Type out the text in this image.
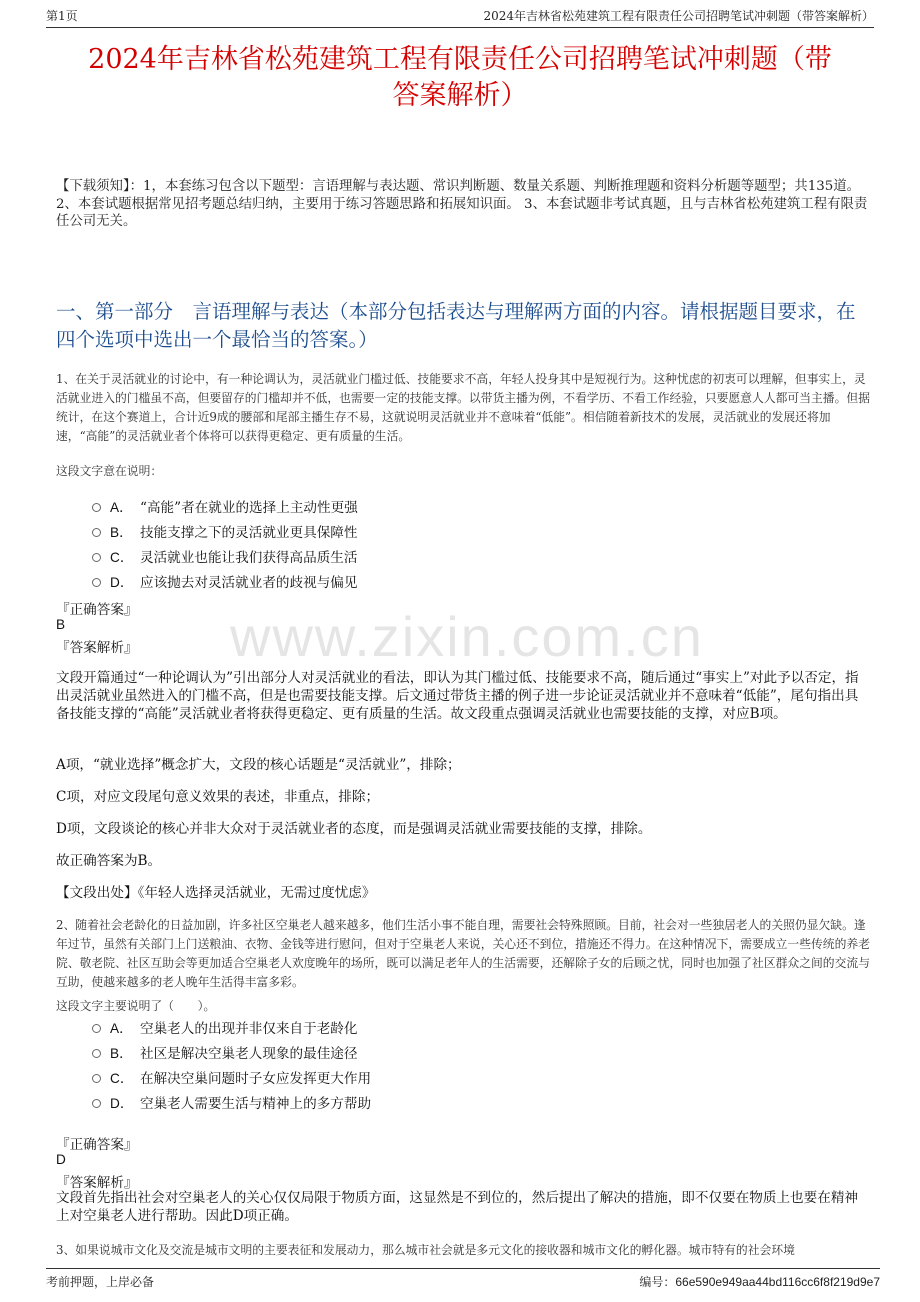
第1页	2024年吉林省松苑建筑工程有限责任公司招聘笔试冲刺题（带答案解析）
2024年吉林省松苑建筑工程有限责任公司招聘笔试冲刺题（带
答案解析）
【下载须知】：1，本套练习包含以下题型：言语理解与表达题、常识判断题、数量关系题、判断推理题和资料分析题等题型；共135道。 2、本套试题根据常见招考题总结归纳，主要用于练习答题思路和拓展知识面。 3、本套试题非考试真题，且与吉林省松苑建筑工程有限责任公司无关。
一、第一部分　言语理解与表达（本部分包括表达与理解两方面的内容。请根据题目要求，在四个选项中选出一个最恰当的答案。）
1、在关于灵活就业的讨论中，有一种论调认为，灵活就业门槛过低、技能要求不高，年轻人投身其中是短视行为。这种忧虑的初衷可以理解，但事实上，灵活就业进入的门槛虽不高，但要留存的门槛却并不低，也需要一定的技能支撑。以带货主播为例，不看学历、不看工作经验，只要愿意人人都可当主播。但据统计，在这个赛道上，合计近9成的腰部和尾部主播生存不易，这就说明灵活就业并不意味着“低能”。相信随着新技术的发展，灵活就业的发展还将加速，“高能”的灵活就业者个体将可以获得更稳定、更有质量的生活。
这段文字意在说明：
A． “高能”者在就业的选择上主动性更强
B． 技能支撑之下的灵活就业更具保障性
C． 灵活就业也能让我们获得高品质生活
D． 应该抛去对灵活就业者的歧视与偏见
『正确答案』
B
『答案解析』
文段开篇通过“一种论调认为”引出部分人对灵活就业的看法，即认为其门槛过低、技能要求不高，随后通过“事实上”对此予以否定，指出灵活就业虽然进入的门槛不高，但是也需要技能支撑。后文通过带货主播的例子进一步论证灵活就业并不意味着“低能”，尾句指出具备技能支撑的“高能”灵活就业者将获得更稳定、更有质量的生活。故文段重点强调灵活就业也需要技能的支撑，对应B项。
A项，“就业选择”概念扩大，文段的核心话题是“灵活就业”，排除；
C项，对应文段尾句意义效果的表述，非重点，排除；
D项，文段谈论的核心并非大众对于灵活就业者的态度，而是强调灵活就业需要技能的支撑，排除。
故正确答案为B。
【文段出处】《年轻人选择灵活就业，无需过度忧虑》
2、随着社会老龄化的日益加剧，许多社区空巢老人越来越多，他们生活小事不能自理，需要社会特殊照顾。目前，社会对一些独居老人的关照仍显欠缺。逢年过节，虽然有关部门上门送粮油、衣物、金钱等进行慰问，但对于空巢老人来说，关心还不到位，措施还不得力。在这种情况下，需要成立一些传统的养老院、敬老院、社区互助会等更加适合空巢老人欢度晚年的场所，既可以满足老年人的生活需要，还解除子女的后顾之忧，同时也加强了社区群众之间的交流与互助，使越来越多的老人晚年生活得丰富多彩。
这段文字主要说明了（　　）。
A． 空巢老人的出现并非仅来自于老龄化
B． 社区是解决空巢老人现象的最佳途径
C． 在解决空巢问题时子女应发挥更大作用
D． 空巢老人需要生活与精神上的多方帮助
『正确答案』
D
『答案解析』
文段首先指出社会对空巢老人的关心仅仅局限于物质方面，这显然是不到位的，然后提出了解决的措施，即不仅要在物质上也要在精神上对空巢老人进行帮助。因此D项正确。
3、如果说城市文化及交流是城市文明的主要表征和发展动力，那么城市社会就是多元文化的接收器和城市文化的孵化器。城市特有的社会环境
www.zixin.com.cn
考前押题，上岸必备	编号：66e590e949aa44bd116cc6f8f219d9e7
